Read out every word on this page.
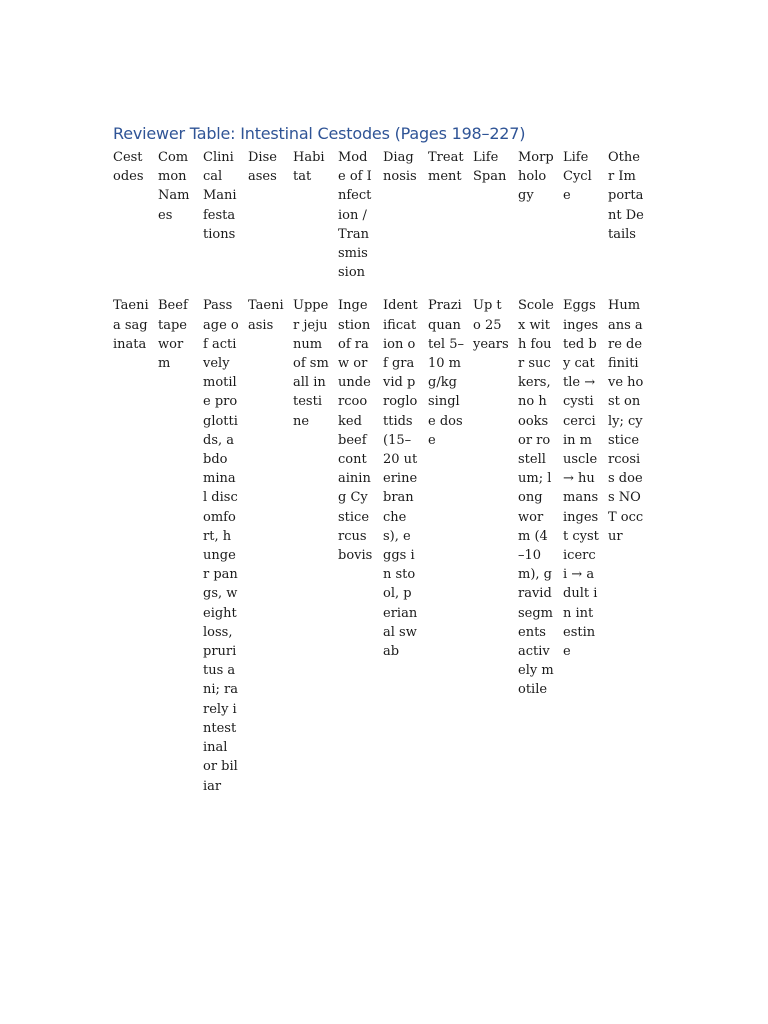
Reviewer Table: Intestinal Cestodes (Pages 198–227)
Cestodes	Common Names	Clinical Manifestations	Diseases	Habitat	Mode of Infection / Transmission	Diagnosis	Treatment	Life Span	Morphology	Life Cycle	Other Important Details
Taenia saginata	Beef tapeworm	Passage of actively motile proglottids, abdominal discomfort, hunger pangs, weight loss, pruritus ani; rarely intestinal or biliar	Taeniasis	Upper jejunum of small intestine	Ingestion of raw or undercooked beef containing Cysticercus bovis	Identification of gravid proglottids (15–20 uterine branches), eggs in stool, perianal swab	Praziquantel 5–10 mg/kg single dose	Up to 25 years	Scolex with four suckers, no hooks or rostellum; long worm (4–10 m), gravid segments actively motile	Eggs ingested by cattle → cysticerci in muscle → humans ingest cysticerci → adult in intestine	Humans are definitive host only; cysticercosis does NOT occur
